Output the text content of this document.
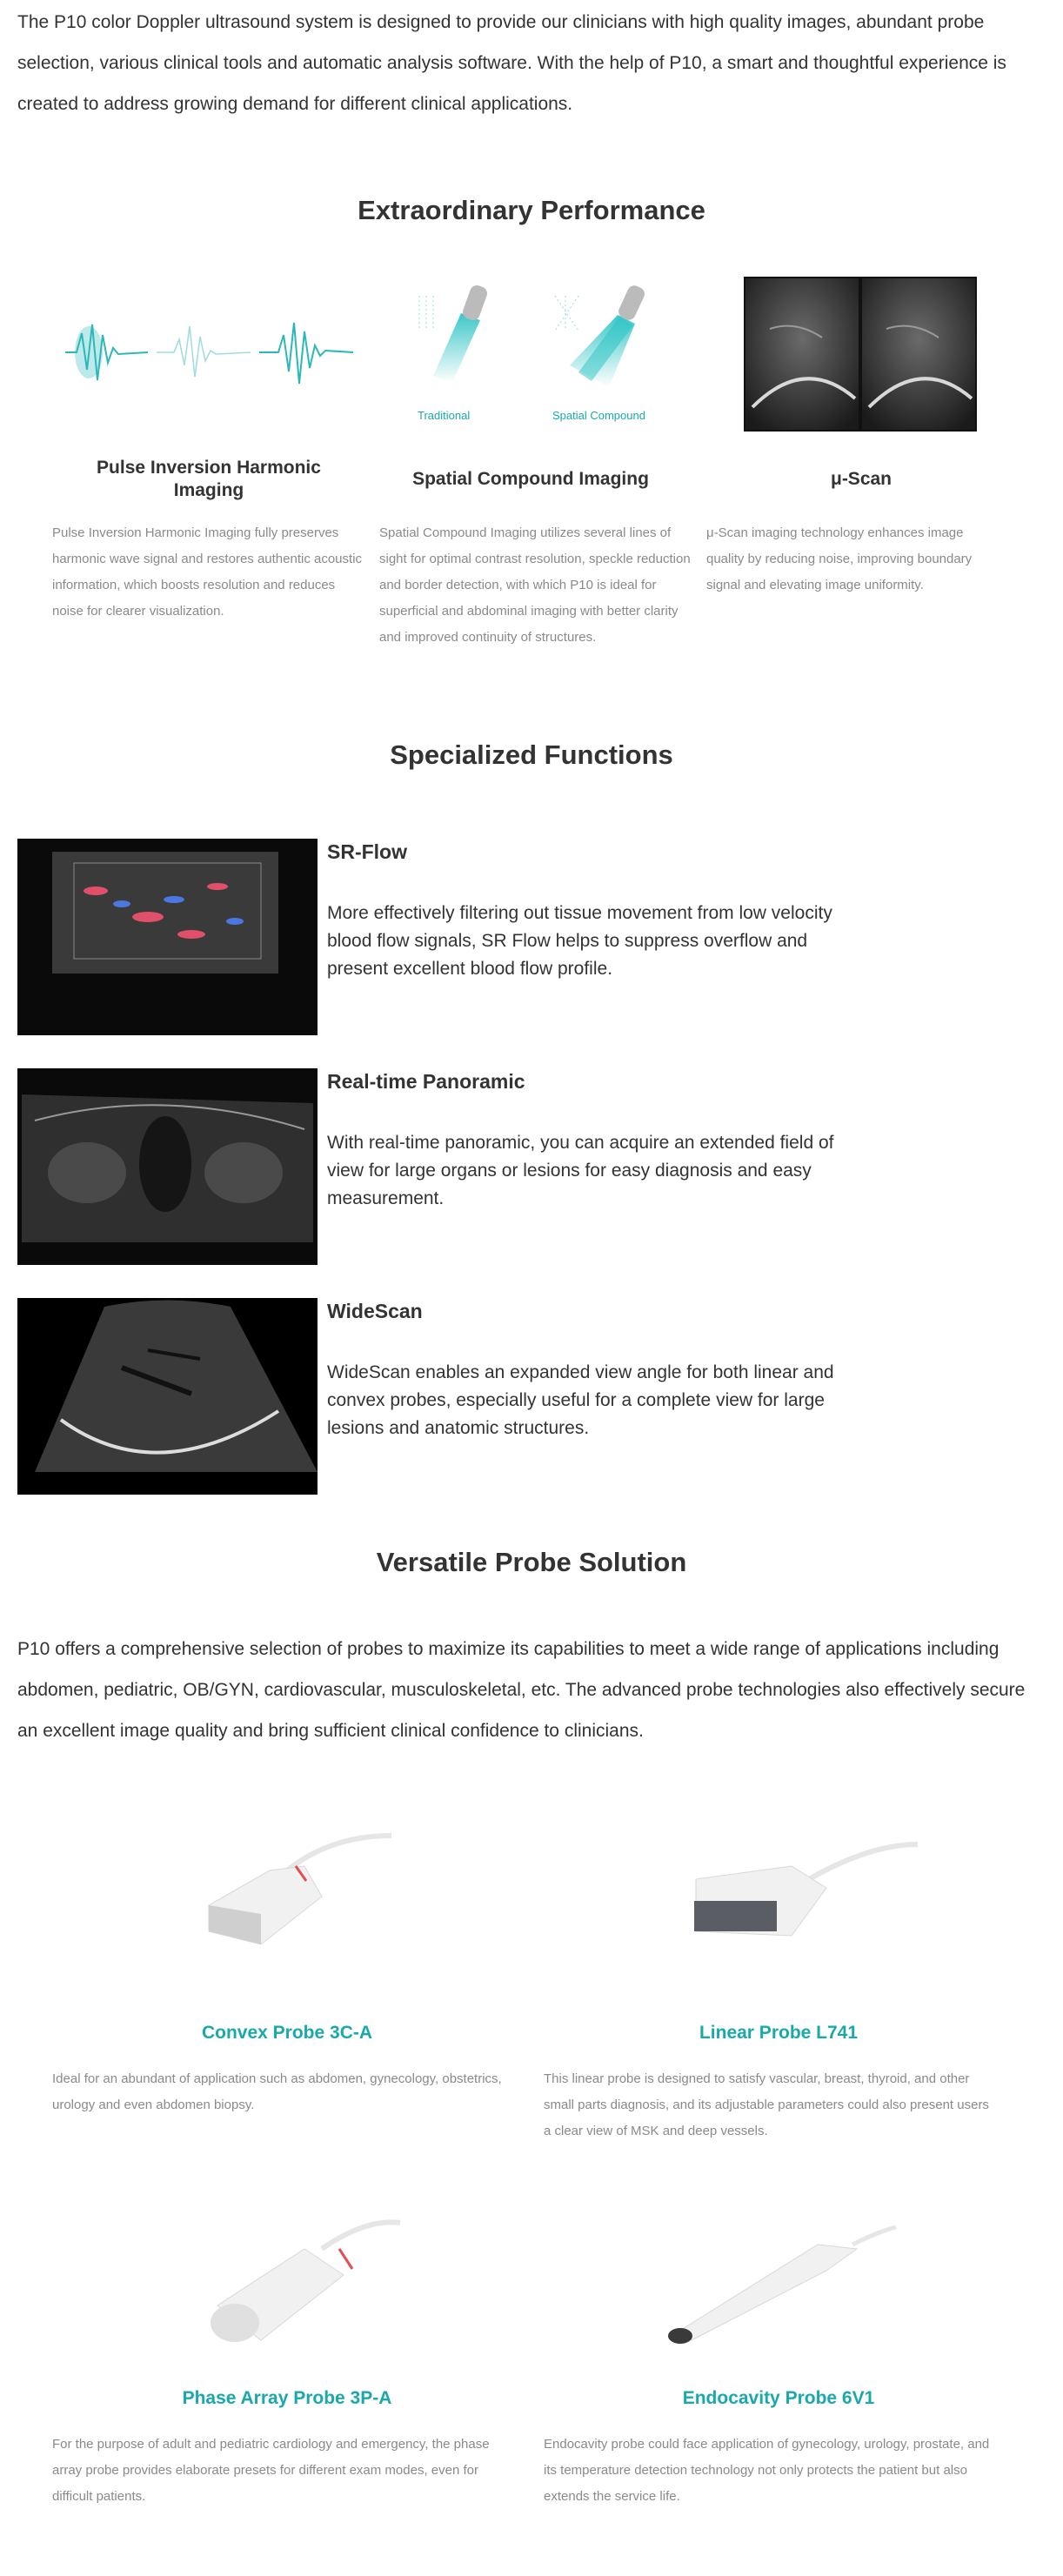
The P10 color Doppler ultrasound system is designed to provide our clinicians with high quality images, abundant probe selection, various clinical tools and automatic analysis software. With the help of P10, a smart and thoughtful experience is created to address growing demand for different clinical applications.

Extraordinary Performance
Pulse Inversion Harmonic Imaging

Pulse Inversion Harmonic Imaging fully preserves harmonic wave signal and restores authentic acoustic information, which boosts resolution and reduces noise for clearer visualization.

Traditional	Spatial Compound
Spatial Compound Imaging

Spatial Compound Imaging utilizes several lines of sight for optimal contrast resolution, speckle reduction and border detection, with which P10 is ideal for superficial and abdominal imaging with better clarity and improved continuity of structures.

μ-Scan

μ-Scan imaging technology enhances image quality by reducing noise, improving boundary signal and elevating image uniformity.

Specialized Functions
SR-Flow

More effectively filtering out tissue movement from low velocity blood flow signals, SR Flow helps to suppress overflow and present excellent blood flow profile.

Real-time Panoramic

With real-time panoramic, you can acquire an extended field of view for large organs or lesions for easy diagnosis and easy measurement.

WideScan

WideScan enables an expanded view angle for both linear and convex probes, especially useful for a complete view for large lesions and anatomic structures.

Versatile Probe Solution

P10 offers a comprehensive selection of probes to maximize its capabilities to meet a wide range of applications including abdomen, pediatric, OB/GYN, cardiovascular, musculoskeletal, etc. The advanced probe technologies also effectively secure an excellent image quality and bring sufficient clinical confidence to clinicians.

Convex Probe 3C-A

Ideal for an abundant of application such as abdomen, gynecology, obstetrics, urology and even abdomen biopsy.

Linear Probe L741

This linear probe is designed to satisfy vascular, breast, thyroid, and other small parts diagnosis, and its adjustable parameters could also present users a clear view of MSK and deep vessels.

Phase Array Probe 3P-A

For the purpose of adult and pediatric cardiology and emergency, the phase array probe provides elaborate presets for different exam modes, even for difficult patients.

Endocavity Probe 6V1

Endocavity probe could face application of gynecology, urology, prostate, and its temperature detection technology not only protects the patient but also extends the service life.
